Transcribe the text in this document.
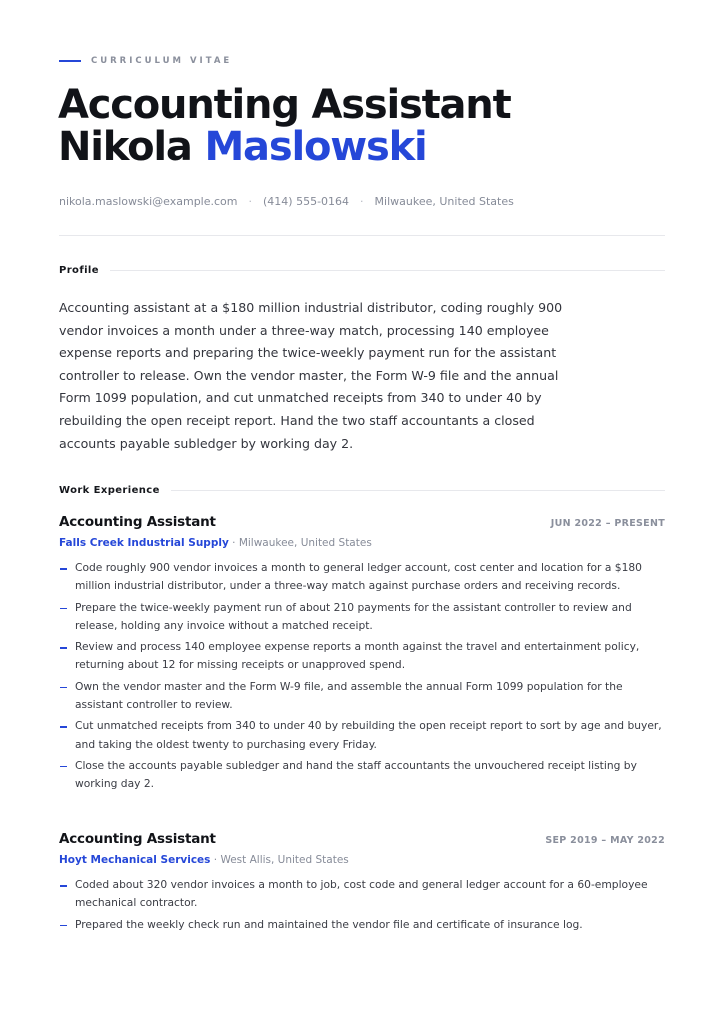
CURRICULUM VITAE
Accounting Assistant
Nikola Maslowski
nikola.maslowski@example.com · (414) 555-0164 · Milwaukee, United States
Profile
Accounting assistant at a $180 million industrial distributor, coding roughly 900 vendor invoices a month under a three-way match, processing 140 employee expense reports and preparing the twice-weekly payment run for the assistant controller to release. Own the vendor master, the Form W-9 file and the annual Form 1099 population, and cut unmatched receipts from 340 to under 40 by rebuilding the open receipt report. Hand the two staff accountants a closed accounts payable subledger by working day 2.
Work Experience
Accounting Assistant	JUN 2022 – PRESENT
Falls Creek Industrial Supply · Milwaukee, United States
Code roughly 900 vendor invoices a month to general ledger account, cost center and location for a $180 million industrial distributor, under a three-way match against purchase orders and receiving records.
Prepare the twice-weekly payment run of about 210 payments for the assistant controller to review and release, holding any invoice without a matched receipt.
Review and process 140 employee expense reports a month against the travel and entertainment policy, returning about 12 for missing receipts or unapproved spend.
Own the vendor master and the Form W-9 file, and assemble the annual Form 1099 population for the assistant controller to review.
Cut unmatched receipts from 340 to under 40 by rebuilding the open receipt report to sort by age and buyer, and taking the oldest twenty to purchasing every Friday.
Close the accounts payable subledger and hand the staff accountants the unvouchered receipt listing by working day 2.
Accounting Assistant	SEP 2019 – MAY 2022
Hoyt Mechanical Services · West Allis, United States
Coded about 320 vendor invoices a month to job, cost code and general ledger account for a 60-employee mechanical contractor.
Prepared the weekly check run and maintained the vendor file and certificate of insurance log.
